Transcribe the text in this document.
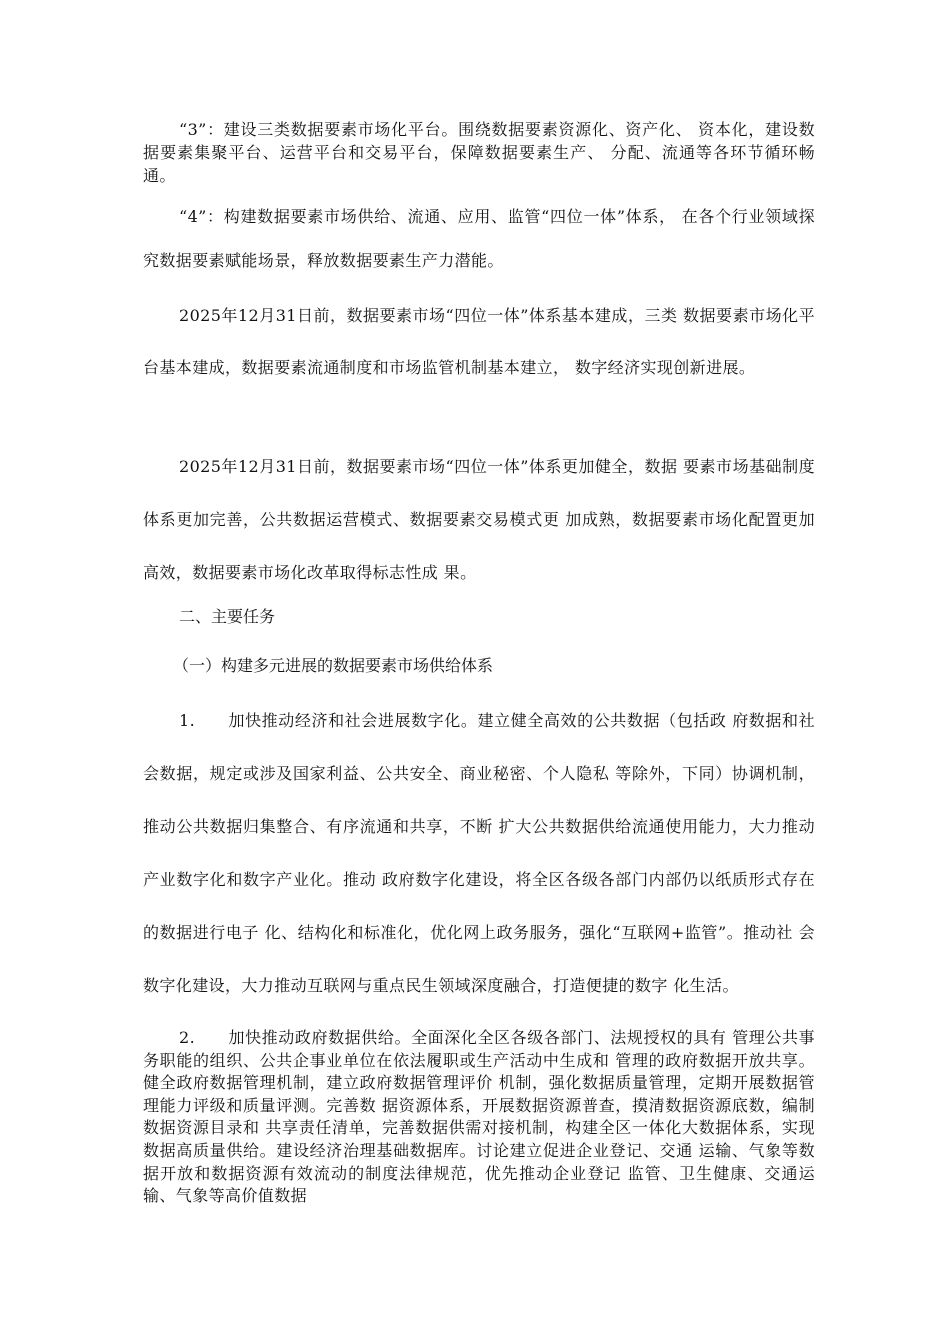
“3”：建设三类数据要素市场化平台。围绕数据要素资源化、资产化、 资本化，建设数据要素集聚平台、运营平台和交易平台，保障数据要素生产、 分配、流通等各环节循环畅通。

“4”：构建数据要素市场供给、流通、应用、监管“四位一体”体系， 在各个行业领域探究数据要素赋能场景，释放数据要素生产力潜能。

2025年12月31日前，数据要素市场“四位一体”体系基本建成，三类 数据要素市场化平台基本建成，数据要素流通制度和市场监管机制基本建立， 数字经济实现创新进展。

2025年12月31日前，数据要素市场“四位一体”体系更加健全，数据 要素市场基础制度体系更加完善，公共数据运营模式、数据要素交易模式更 加成熟，数据要素市场化配置更加高效，数据要素市场化改革取得标志性成 果。

二、主要任务

（一）构建多元进展的数据要素市场供给体系

1.　　加快推动经济和社会进展数字化。建立健全高效的公共数据（包括政 府数据和社会数据，规定或涉及国家利益、公共安全、商业秘密、个人隐私 等除外，下同）协调机制，推动公共数据归集整合、有序流通和共享，不断 扩大公共数据供给流通使用能力，大力推动产业数字化和数字产业化。推动 政府数字化建设，将全区各级各部门内部仍以纸质形式存在的数据进行电子 化、结构化和标准化，优化网上政务服务，强化“互联网+监管”。推动社 会数字化建设，大力推动互联网与重点民生领域深度融合，打造便捷的数字 化生活。

2.　　加快推动政府数据供给。全面深化全区各级各部门、法规授权的具有 管理公共事务职能的组织、公共企事业单位在依法履职或生产活动中生成和 管理的政府数据开放共享。健全政府数据管理机制，建立政府数据管理评价 机制，强化数据质量管理，定期开展数据管理能力评级和质量评测。完善数 据资源体系，开展数据资源普查，摸清数据资源底数，编制数据资源目录和 共享责任清单，完善数据供需对接机制，构建全区一体化大数据体系，实现 数据高质量供给。建设经济治理基础数据库。讨论建立促进企业登记、交通 运输、气象等数据开放和数据资源有效流动的制度法律规范，优先推动企业登记 监管、卫生健康、交通运输、气象等高价值数据
